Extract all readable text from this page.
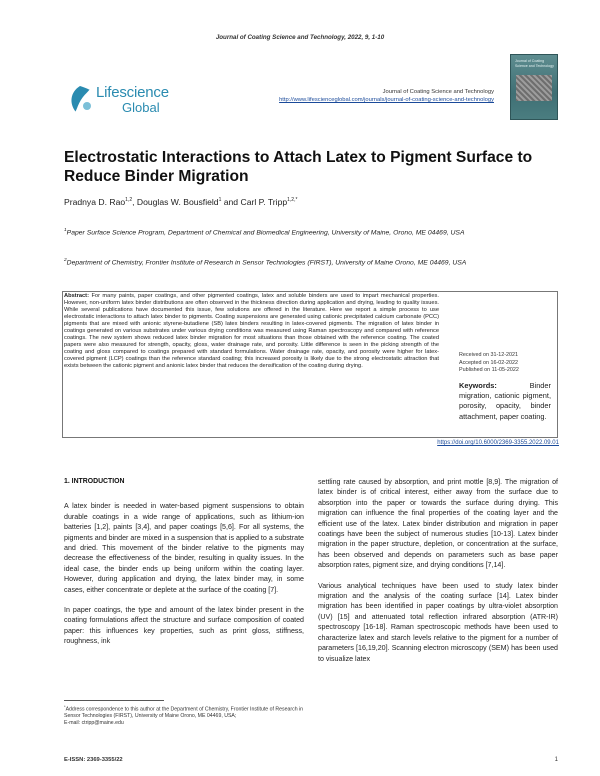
Journal of Coating Science and Technology, 2022, 9, 1-10
Lifescience
Global
Journal of Coating Science and Technology
http://www.lifescienceglobal.com/journals/journal-of-coating-science-and-technology
Journal of Coating Science and Technology
Electrostatic Interactions to Attach Latex to Pigment Surface to Reduce Binder Migration
Pradnya D. Rao$^{1,2}$, Douglas W. Bousfield$^1$ and Carl P. Tripp$^{1,2,*}$
$^1$Paper Surface Science Program, Department of Chemical and Biomedical Engineering, University of Maine, Orono, ME 04469, USA
$^2$Department of Chemistry, Frontier Institute of Research in Sensor Technologies (FIRST), University of Maine Orono, ME 04469, USA
Abstract: For many paints, paper coatings, and other pigmented coatings, latex and soluble binders are used to impart mechanical properties. However, non-uniform latex binder distributions are often observed in the thickness direction during application and drying, leading to quality issues. While several publications have documented this issue, few solutions are offered in the literature. Here we report a simple process to use electrostatic interactions to attach latex binder to pigments. Coating suspensions are generated using cationic precipitated calcium carbonate (PCC) pigments that are mixed with anionic styrene-butadiene (SB) latex binders resulting in latex-covered pigments. The migration of latex binder in coatings generated on various substrates under various drying conditions was measured using Raman spectroscopy and compared with reference coatings. The new system shows reduced latex binder migration for most situations than those obtained with the reference coating. The coated papers were also measured for strength, opacity, gloss, water drainage rate, and porosity. Little difference is seen in the picking strength of the coating and gloss compared to coatings prepared with standard formulations. Water drainage rate, opacity, and porosity were higher for latex-covered pigment (LCP) coatings than the reference standard coating; this increased porosity is likely due to the strong electrostatic attraction that exists between the cationic pigment and anionic latex binder that reduces the densification of the coating during drying.
Received on 31-12-2021
Accepted on 16-02-2022
Published on 11-05-2022
Keywords:	Binder migration, cationic pigment, porosity, opacity, binder attachment, paper coating.
https://doi.org/10.6000/2369-3355.2022.09.01
1. INTRODUCTION

A latex binder is needed in water-based pigment suspensions to obtain durable coatings in a wide range of applications, such as lithium-ion batteries [1,2], paints [3,4], and paper coatings [5,6]. For all systems, the pigments and binder are mixed in a suspension that is applied to a substrate and dried. This movement of the binder relative to the pigments may decrease the effectiveness of the binder, resulting in quality issues. In the ideal case, the binder ends up being uniform within the coating layer. However, during application and drying, the latex binder may, in some cases, either concentrate or deplete at the surface of the coating [7].

In paper coatings, the type and amount of the latex binder present in the coating formulations affect the structure and surface composition of coated paper: this influences key properties, such as print gloss, stiffness, roughness, ink

settling rate caused by absorption, and print mottle [8,9]. The migration of latex binder is of critical interest, either away from the surface due to absorption into the paper or towards the surface during drying. This migration can influence the final properties of the coating layer and the efficient use of the latex. Latex binder distribution and migration in paper coatings have been the subject of numerous studies [10-13]. Latex binder migration in the paper structure, depletion, or concentration at the surface, has been observed and depends on parameters such as base paper absorption rates, pigment size, and drying conditions [7,14].

Various analytical techniques have been used to study latex binder migration and the analysis of the coating surface [14]. Latex binder migration has been identified in paper coatings by ultra-violet absorption (UV) [15] and attenuated total reflection infrared absorption (ATR-IR) spectroscopy [16-18]. Raman spectroscopic methods have been used to characterize latex and starch levels relative to the pigment for a number of parameters [16,19,20]. Scanning electron microscopy (SEM) has been used to visualize latex

*Address correspondence to this author at the Department of Chemistry, Frontier Institute of Research in Sensor Technologies (FIRST), University of Maine Orono, ME 04469, USA;
E-mail: ctripp@maine.edu
E-ISSN: 2369-3355/22	1
